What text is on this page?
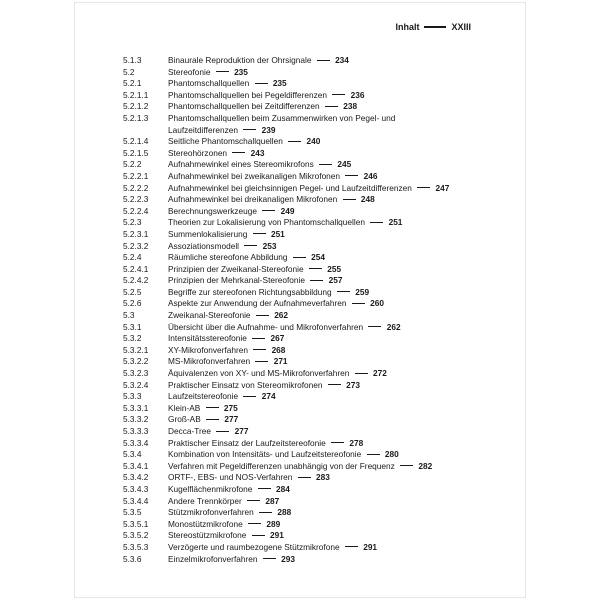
Inhalt	XXIII
5.1.3	Binaurale Reproduktion der Ohrsignale	234
5.2	Stereofonie	235
5.2.1	Phantomschallquellen	235
5.2.1.1	Phantomschallquellen bei Pegeldifferenzen	236
5.2.1.2	Phantomschallquellen bei Zeitdifferenzen	238
5.2.1.3	Phantomschallquellen beim Zusammenwirken von Pegel- und
Laufzeitdifferenzen	239
5.2.1.4	Seitliche Phantomschallquellen	240
5.2.1.5	Stereohörzonen	243
5.2.2	Aufnahmewinkel eines Stereomikrofons	245
5.2.2.1	Aufnahmewinkel bei zweikanaligen Mikrofonen	246
5.2.2.2	Aufnahmewinkel bei gleichsinnigen Pegel- und Laufzeitdifferenzen	247
5.2.2.3	Aufnahmewinkel bei dreikanaligen Mikrofonen	248
5.2.2.4	Berechnungswerkzeuge	249
5.2.3	Theorien zur Lokalisierung von Phantomschallquellen	251
5.2.3.1	Summenlokalisierung	251
5.2.3.2	Assoziationsmodell	253
5.2.4	Räumliche stereofone Abbildung	254
5.2.4.1	Prinzipien der Zweikanal-Stereofonie	255
5.2.4.2	Prinzipien der Mehrkanal-Stereofonie	257
5.2.5	Begriffe zur stereofonen Richtungsabbildung	259
5.2.6	Aspekte zur Anwendung der Aufnahmeverfahren	260
5.3	Zweikanal-Stereofonie	262
5.3.1	Übersicht über die Aufnahme- und Mikrofonverfahren	262
5.3.2	Intensitätsstereofonie	267
5.3.2.1	XY-Mikrofonverfahren	268
5.3.2.2	MS-Mikrofonverfahren	271
5.3.2.3	Äquivalenzen von XY- und MS-Mikrofonverfahren	272
5.3.2.4	Praktischer Einsatz von Stereomikrofonen	273
5.3.3	Laufzeitstereofonie	274
5.3.3.1	Klein-AB	275
5.3.3.2	Groß-AB	277
5.3.3.3	Decca-Tree	277
5.3.3.4	Praktischer Einsatz der Laufzeitstereofonie	278
5.3.4	Kombination von Intensitäts- und Laufzeitstereofonie	280
5.3.4.1	Verfahren mit Pegeldifferenzen unabhängig von der Frequenz	282
5.3.4.2	ORTF-, EBS- und NOS-Verfahren	283
5.3.4.3	Kugelflächenmikrofone	284
5.3.4.4	Andere Trennkörper	287
5.3.5	Stützmikrofonverfahren	288
5.3.5.1	Monostützmikrofone	289
5.3.5.2	Stereostützmikrofone	291
5.3.5.3	Verzögerte und raumbezogene Stützmikrofone	291
5.3.6	Einzelmikrofonverfahren	293
